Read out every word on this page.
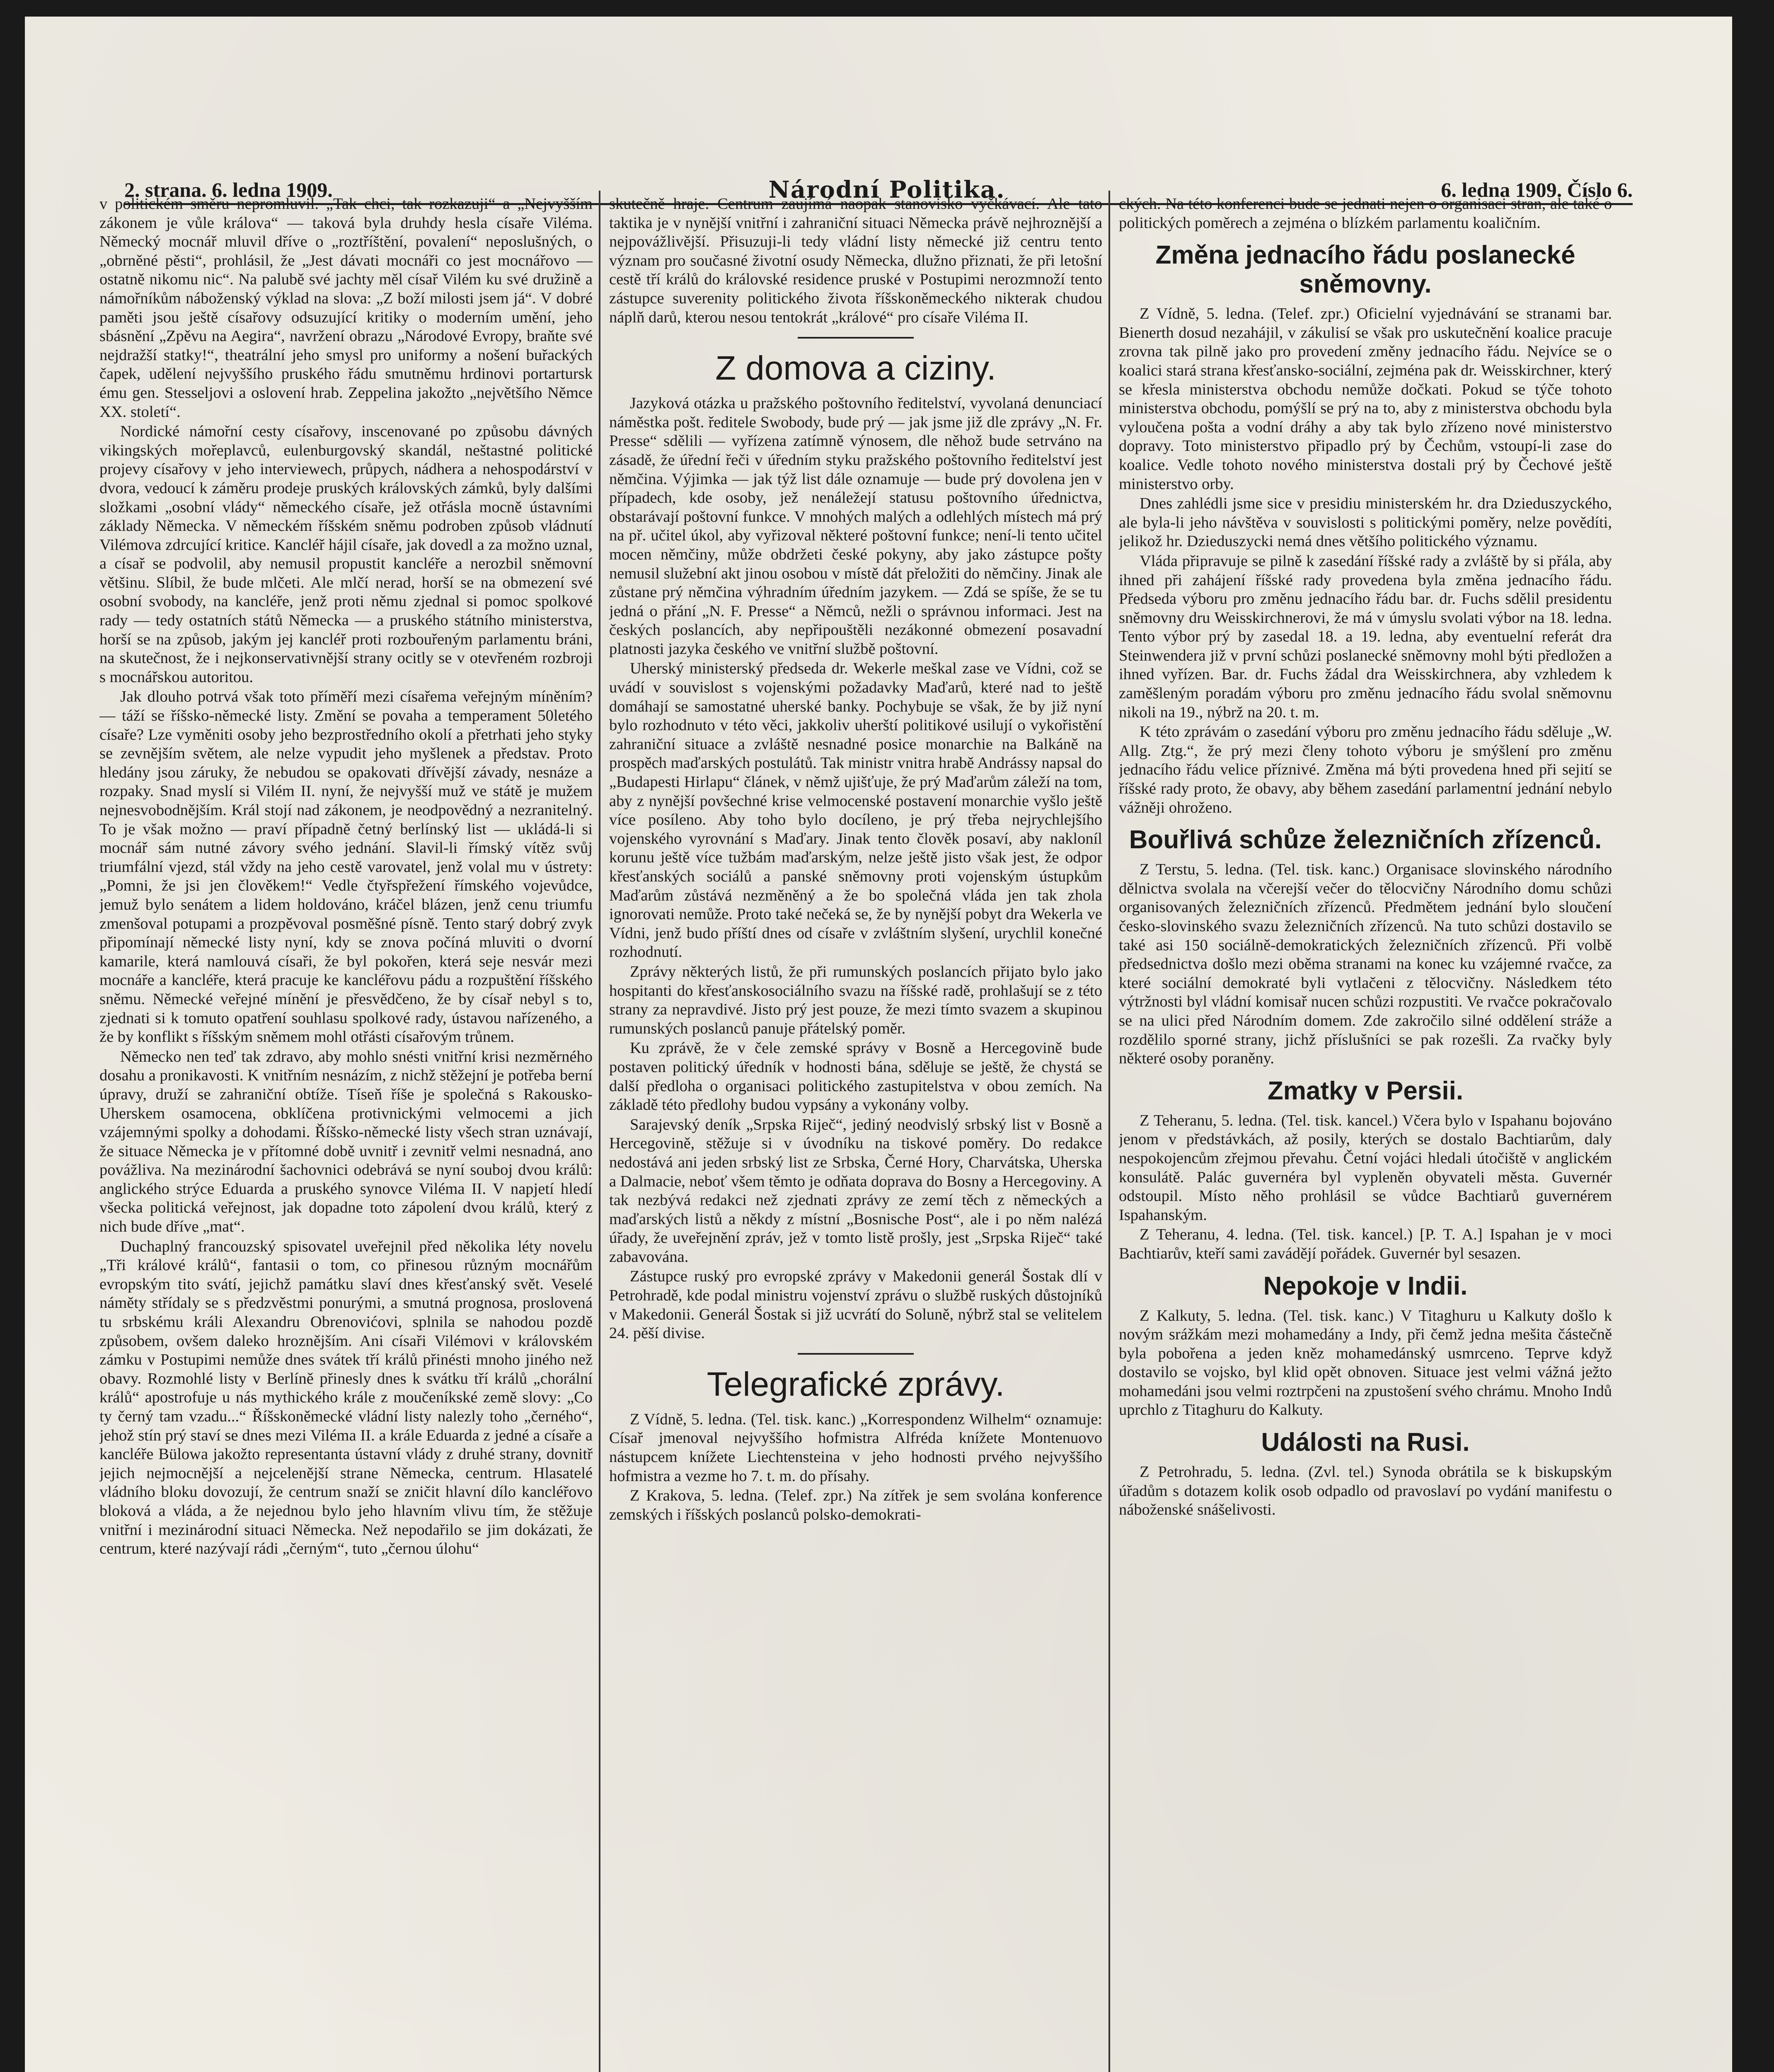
2. strana. 6. ledna 1909.	Národní Politika.	6. ledna 1909. Číslo 6.

v politickém směru nepromluvil. „Tak chci, tak rozkazuji“ a „Nejvyšším zákonem je vůle králova“ — taková byla druhdy hesla císaře Viléma. Německý mocnář mluvil dříve o „roztříštění, povalení“ neposlušných, o „obrněné pěsti“, prohlásil, že „Jest dávati mocnáři co jest mocnářovo — ostatně nikomu nic“. Na palubě své jachty měl císař Vilém ku své družině a námořníkům náboženský výklad na slova: „Z boží milosti jsem já“. V dobré paměti jsou ještě císařovy odsuzující kritiky o moderním umění, jeho sbásnění „Zpěvu na Aegira“, navržení obrazu „Národové Evropy, braňte své nejdražší statky!“, theatrální jeho smysl pro uniformy a nošení buřackých čapek, udělení nejvyššího pruského řádu smutněmu hrdinovi portartursk ému gen. Stesseljovi a oslovení hrab. Zeppelina jakožto „největšího Němce XX. století“.

Nordické námořní cesty císařovy, inscenované po způsobu dávných vikingských mořeplavců, eulenburgovský skandál, neštastné politické projevy císařovy v jeho interviewech, průpych, nádhera a nehospodárství v dvora, vedoucí k záměru prodeje pruských královských zámků, byly dalšími složkami „osobní vlády“ německého císaře, jež otřásla mocně ústavními základy Německa. V německém říšském sněmu podroben způsob vládnutí Vilémova zdrcující kritice. Kancléř hájil císaře, jak dovedl a za možno uznal, a císař se podvolil, aby nemusil propustit kancléře a nerozbil sněmovní většinu. Slíbil, že bude mlčeti. Ale mlčí nerad, horší se na obmezení své osobní svobody, na kancléře, jenž proti němu zjednal si pomoc spolkové rady — tedy ostatních států Německa — a pruského státního ministerstva, horší se na způsob, jakým jej kancléř proti rozbouřeným parlamentu bráni, na skutečnost, že i nejkonservativnější strany ocitly se v otevřeném rozbroji s mocnářskou autoritou.

Jak dlouho potrvá však toto příměří mezi císařema veřejným míněním? — táží se říšsko-německé listy. Změní se povaha a temperament 50letého císaře? Lze vyměniti osoby jeho bezprostředního okolí a přetrhati jeho styky se zevnějším světem, ale nelze vypudit jeho myšlenek a představ. Proto hledány jsou záruky, že nebudou se opakovati dřívější závady, nesnáze a rozpaky. Snad myslí si Vilém II. nyní, že nejvyšší muž ve státě je mužem nejnesvobodnějším. Král stojí nad zákonem, je neodpovědný a nezranitelný. To je však možno — praví případně četný berlínský list — ukládá-li si mocnář sám nutné závory svého jednání. Slavil-li římský vítěz svůj triumfální vjezd, stál vždy na jeho cestě varovatel, jenž volal mu v ústrety: „Pomni, že jsi jen člověkem!“ Vedle čtyřspřežení římského vojevůdce, jemuž bylo senátem a lidem holdováno, kráčel blázen, jenž cenu triumfu zmenšoval potupami a prozpěvoval posměšné písně. Tento starý dobrý zvyk připomínají německé listy nyní, kdy se znova počíná mluviti o dvorní kamarile, která namlouvá císaři, že byl pokořen, která seje nesvár mezi mocnáře a kancléře, která pracuje ke kancléřovu pádu a rozpuštění říšského sněmu. Německé veřejné mínění je přesvědčeno, že by císař nebyl s to, zjednati si k tomuto opatření souhlasu spolkové rady, ústavou nařízeného, a že by konflikt s říšským sněmem mohl otřásti císařovým trůnem.

Německo nen teď tak zdravo, aby mohlo snésti vnitřní krisi nezměrného dosahu a pronikavosti. K vnitřním nesnázím, z nichž stěžejní je potřeba berní úpravy, druží se zahraniční obtíže. Tíseň říše je společná s Rakousko-Uherskem osamocena, obklíčena protivnickými velmocemi a jich vzájemnými spolky a dohodami. Říšsko-německé listy všech stran uznávají, že situace Německa je v přítomné době uvnitř i zevnitř velmi nesnadná, ano povážliva. Na mezinárodní šachovnici odebrává se nyní souboj dvou králů: anglického strýce Eduarda a pruského synovce Viléma II. V napjetí hledí všecka politická veřejnost, jak dopadne toto zápolení dvou králů, který z nich bude dříve „mat“.

Duchaplný francouzský spisovatel uveřejnil před několika léty novelu „Tři králové králů“, fantasii o tom, co přinesou různým mocnářům evropským tito svátí, jejichž památku slaví dnes křesťanský svět. Veselé náměty střídaly se s předzvěstmi ponurými, a smutná prognosa, proslovená tu srbskému králi Alexandru Obrenovićovi, splnila se nahodou pozdě způsobem, ovšem daleko hroznějším. Ani císaři Vilémovi v královském zámku v Postupimi nemůže dnes svátek tří králů přinésti mnoho jiného než obavy. Rozmohlé listy v Berlíně přinesly dnes k svátku tří králů „chorální králů“ apostrofuje u nás mythického krále z moučeníkské země slovy: „Co ty černý tam vzadu...“ Říšskoněmecké vládní listy nalezly toho „černého“, jehož stín prý staví se dnes mezi Viléma II. a krále Eduarda z jedné a císaře a kancléře Bülowa jakožto representanta ústavní vlády z druhé strany, dovnitř jejich nejmocnější a nejcelenější strane Německa, centrum. Hlasatelé vládního bloku dovozují, že centrum snaží se zničit hlavní dílo kancléřovo bloková a vláda, a že nejednou bylo jeho hlavním vlivu tím, že stěžuje vnitřní i mezinárodní situaci Německa. Než nepodařilo se jim dokázati, že centrum, které nazývají rádi „černým“, tuto „černou úlohu“

skutečně hraje. Centrum zaujímá naopak stanovisko vyčkávací. Ale tato taktika je v nynější vnitřní i zahraniční situaci Německa právě nejhroznější a nejpovážlivější. Přisuzuji-li tedy vládní listy německé již centru tento význam pro současné životní osudy Německa, dlužno přiznati, že při letošní cestě tří králů do královské residence pruské v Postupimi nerozmnoží tento zástupce suverenity politického života říšskoněmeckého nikterak chudou náplň darů, kterou nesou tentokrát „králové“ pro císaře Viléma II.

Z domova a ciziny.

Jazyková otázka u pražského poštovního ředitelství, vyvolaná denunciací náměstka pošt. ředitele Swobody, bude prý — jak jsme již dle zprávy „N. Fr. Presse“ sdělili — vyřízena zatímně výnosem, dle něhož bude setrváno na zásadě, že úřední řeči v úředním styku pražského poštovního ředitelství jest němčina. Výjimka — jak týž list dále oznamuje — bude prý dovolena jen v případech, kde osoby, jež nenáležejí statusu poštovního úřednictva, obstarávají poštovní funkce. V mnohých malých a odlehlých místech má prý na př. učitel úkol, aby vyřizoval některé poštovní funkce; není-li tento učitel mocen němčiny, může obdržeti české pokyny, aby jako zástupce pošty nemusil služební akt jinou osobou v místě dát přeložiti do němčiny. Jinak ale zůstane prý němčina výhradním úředním jazykem. — Zdá se spíše, že se tu jedná o přání „N. F. Presse“ a Němců, nežli o správnou informaci. Jest na českých poslancích, aby nepřipouštěli nezákonné obmezení posavadní platnosti jazyka českého ve vnitřní službě poštovní.

Uherský ministerský předseda dr. Wekerle meškal zase ve Vídni, což se uvádí v souvislost s vojenskými požadavky Maďarů, které nad to ještě domáhají se samostatné uherské banky. Pochybuje se však, že by již nyní bylo rozhodnuto v této věci, jakkoliv uherští politikové usilují o vykořistění zahraniční situace a zvláště nesnadné posice monarchie na Balkáně na prospěch maďarských postulátů. Tak ministr vnitra hrabě Andrássy napsal do „Budapesti Hirlapu“ článek, v němž ujišťuje, že prý Maďarům záleží na tom, aby z nynější povšechné krise velmocenské postavení monarchie vyšlo ještě více posíleno. Aby toho bylo docíleno, je prý třeba nejrychlejšího vojenského vyrovnání s Maďary. Jinak tento člověk posaví, aby nakloníl korunu ještě více tužbám maďarským, nelze ještě jisto však jest, že odpor křesťanských sociálů a panské sněmovny proti vojenským ústupkům Maďarům zůstává nezměněný a že bo společná vláda jen tak zhola ignorovati nemůže. Proto také nečeká se, že by nynější pobyt dra Wekerla ve Vídni, jenž budo příští dnes od císaře v zvláštním slyšení, urychlil konečné rozhodnutí.

Zprávy některých listů, že při rumunských poslancích přijato bylo jako hospitanti do křesťanskosociálního svazu na říšské radě, prohlašují se z této strany za nepravdivé. Jisto prý jest pouze, že mezi tímto svazem a skupinou rumunských poslanců panuje přátelský poměr.

Ku zprávě, že v čele zemské správy v Bosně a Hercegovině bude postaven politický úředník v hodnosti bána, sděluje se ještě, že chystá se další předloha o organisaci politického zastupitelstva v obou zemích. Na základě této předlohy budou vypsány a vykonány volby.

Sarajevský deník „Srpska Riječ“, jediný neodvislý srbský list v Bosně a Hercegovině, stěžuje si v úvodníku na tiskové poměry. Do redakce nedostává ani jeden srbský list ze Srbska, Černé Hory, Charvátska, Uherska a Dalmacie, neboť všem těmto je odňata doprava do Bosny a Hercegoviny. A tak nezbývá redakci než zjednati zprávy ze zemí těch z německých a maďarských listů a někdy z místní „Bosnische Post“, ale i po něm nalézá úřady, že uveřejnění zpráv, jež v tomto listě prošly, jest „Srpska Riječ“ také zabavována.

Zástupce ruský pro evropské zprávy v Makedonii generál Šostak dlí v Petrohradě, kde podal ministru vojenství zprávu o službě ruských důstojníků v Makedonii. Generál Šostak si již ucvrátí do Soluně, nýbrž stal se velitelem 24. pěší divise.

Telegrafické zprávy.

Z Vídně, 5. ledna. (Tel. tisk. kanc.) „Korrespondenz Wilhelm“ oznamuje: Císař jmenoval nejvyššího hofmistra Alfréda knížete Montenuovo nástupcem knížete Liechtensteina v jeho hodnosti prvého nejvyššího hofmistra a vezme ho 7. t. m. do přísahy.

Z Krakova, 5. ledna. (Telef. zpr.) Na zítřek je sem svolána konference zemských i říšských poslanců polsko-demokrati-

ckých. Na této konferenci bude se jednati nejen o organisaci stran, ale také o politických poměrech a zejména o blízkém parlamentu koaličním.

Změna jednacího řádu poslanecké sněmovny.

Z Vídně, 5. ledna. (Telef. zpr.) Oficielní vyjednávání se stranami bar. Bienerth dosud nezahájil, v zákulisí se však pro uskutečnění koalice pracuje zrovna tak pilně jako pro provedení změny jednacího řádu. Nejvíce se o koalici stará strana křesťansko-sociální, zejména pak dr. Weisskirchner, který se křesla ministerstva obchodu nemůže dočkati. Pokud se týče tohoto ministerstva obchodu, pomýšlí se prý na to, aby z ministerstva obchodu byla vyloučena pošta a vodní dráhy a aby tak bylo zřízeno nové ministerstvo dopravy. Toto ministerstvo připadlo prý by Čechům, vstoupí-li zase do koalice. Vedle tohoto nového ministerstva dostali prý by Čechové ještě ministerstvo orby.

Dnes zahlédli jsme sice v presidiu ministerském hr. dra Dzieduszyckého, ale byla-li jeho návštěva v souvislosti s politickými poměry, nelze povědíti, jelikož hr. Dzieduszycki nemá dnes většího politického významu.

Vláda připravuje se pilně k zasedání říšské rady a zvláště by si přála, aby ihned při zahájení říšské rady provedena byla změna jednacího řádu. Předseda výboru pro změnu jednacího řádu bar. dr. Fuchs sdělil presidentu sněmovny dru Weisskirchnerovi, že má v úmyslu svolati výbor na 18. ledna. Tento výbor prý by zasedal 18. a 19. ledna, aby eventuelní referát dra Steinwendera již v první schůzi poslanecké sněmovny mohl býti předložen a ihned vyřízen. Bar. dr. Fuchs žádal dra Weisskirchnera, aby vzhledem k zaměšleným poradám výboru pro změnu jednacího řádu svolal sněmovnu nikoli na 19., nýbrž na 20. t. m.

K této zprávám o zasedání výboru pro změnu jednacího řádu sděluje „W. Allg. Ztg.“, že prý mezi členy tohoto výboru je smýšlení pro změnu jednacího řádu velice příznivé. Změna má býti provedena hned při sejití se říšské rady proto, že obavy, aby během zasedání parlamentní jednání nebylo vážněji ohroženo.

Bouřlivá schůze železničních zřízenců.

Z Terstu, 5. ledna. (Tel. tisk. kanc.) Organisace slovinského národního dělnictva svolala na včerejší večer do tělocvičny Národního domu schůzi organisovaných železničních zřízenců. Předmětem jednání bylo sloučení česko-slovinského svazu železničních zřízenců. Na tuto schůzi dostavilo se také asi 150 sociálně-demokratických železničních zřízenců. Při volbě předsednictva došlo mezi oběma stranami na konec ku vzájemné rvačce, za které sociální demokraté byli vytlačeni z tělocvičny. Následkem této výtržnosti byl vládní komisař nucen schůzi rozpustiti. Ve rvačce pokračovalo se na ulici před Národním domem. Zde zakročilo silné oddělení stráže a rozdělilo sporné strany, jichž příslušníci se pak rozešli. Za rvačky byly některé osoby poraněny.

Zmatky v Persii.

Z Teheranu, 5. ledna. (Tel. tisk. kancel.) Včera bylo v Ispahanu bojováno jenom v předstávkách, až posily, kterých se dostalo Bachtiarům, daly nespokojencům zřejmou převahu. Četní vojáci hledali útočiště v anglickém konsulátě. Palác guvernéra byl vypleněn obyvateli města. Guvernér odstoupil. Místo něho prohlásil se vůdce Bachtiarů guvernérem Ispahanským.

Z Teheranu, 4. ledna. (Tel. tisk. kancel.) [P. T. A.] Ispahan je v moci Bachtiarův, kteří sami zavádějí pořádek. Guvernér byl sesazen.

Nepokoje v Indii.

Z Kalkuty, 5. ledna. (Tel. tisk. kanc.) V Titaghuru u Kalkuty došlo k novým srážkám mezi mohamedány a Indy, při čemž jedna mešita částečně byla pobořena a jeden kněz mohamedánský usmrceno. Teprve když dostavilo se vojsko, byl klid opět obnoven. Situace jest velmi vážná ježto mohamedáni jsou velmi roztrpčeni na zpustošení svého chrámu. Mnoho Indů uprchlo z Titaghuru do Kalkuty.

Události na Rusi.

Z Petrohradu, 5. ledna. (Zvl. tel.) Synoda obrátila se k biskupským úřadům s dotazem kolik osob odpadlo od pravoslaví po vydání manifestu o náboženské snášelivosti.
